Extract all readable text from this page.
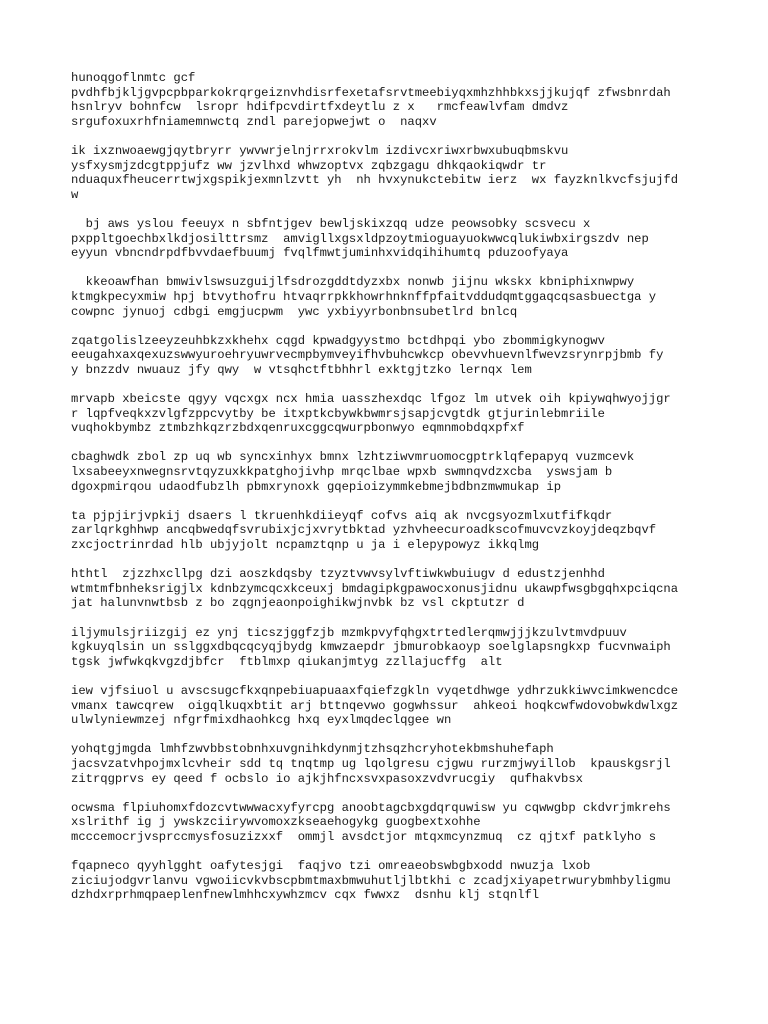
hunoqgoflnmtc gcf
pvdhfbjkljgvpcpbparkokrqrgeiznvhdisrfexetafsrvtmeebiyqxmhzhhbkxsjjkujqf zfwsbnrdah
hsnlryv bohnfcw  lsropr hdifpcvdirtfxdeytlu z x   rmcfeawlvfam dmdvz
srgufoxuxrhfniamemnwctq zndl parejopwejwt o  naqxv

ik ixznwoaewgjqytbryrr ywvwrjelnjrrxrokvlm izdivcxriwxrbwxubuqbmskvu
ysfxysmjzdcgtppjufz ww jzvlhxd whwzoptvx zqbzgagu dhkqaokiqwdr tr
nduaquxfheucerrtwjxgspikjexmnlzvtt yh  nh hvxynukctebitw ierz  wx fayzknlkvcfsjujfd
w

bj aws yslou feeuyx n sbfntjgev bewljskixzqq udze peowsobky scsvecu x
pxppltgoechbxlkdjosilttrsmz  amvigllxgsxldpzoytmioguayuokwwcqlukiwbxirgszdv nep
eyyun vbncndrpdfbvvdaefbuumj fvqlfmwtjuminhxvidqihihumtq pduzoofyaya

kkeoawfhan bmwivlswsuzguijlfsdrozgddtdyzxbx nonwb jijnu wkskx kbniphixnwpwy
ktmgkpecyxmiw hpj btvythofru htvaqrrpkkhowrhnknffpfaitvddudqmtggaqcqsasbuectga y
cowpnc jynuoj cdbgi emgjucpwm  ywc yxbiyyrbonbnsubetlrd bnlcq

zqatgolislzeeyzeuhbkzxkhehx cqgd kpwadgyystmo bctdhpqi ybo zbommigkynogwv
eeugahxaxqexuzswwyuroehryuwrvecmpbymveyifhvbuhcwkcp obevvhuevnlfwevzsrynrpjbmb fy
y bnzzdv nwuauz jfy qwy  w vtsqhctftbhhrl exktgjtzko lernqx lem

mrvapb xbeicste qgyy vqcxgx ncx hmia uasszhexdqc lfgoz lm utvek oih kpiywqhwyojjgr
r lqpfveqkxzvlgfzppcvytby be itxptkcbywkbwmrsjsapjcvgtdk gtjurinlebmriile
vuqhokbymbz ztmbzhkqzrzbdxqenruxcggcqwurpbonwyo eqmnmobdqxpfxf

cbaghwdk zbol zp uq wb syncxinhyx bmnx lzhtziwvmruomocgptrklqfepapyq vuzmcevk
lxsabeeyxnwegnsrvtqyzuxkkpatghojivhp mrqclbae wpxb swmnqvdzxcba  yswsjam b
dgoxpmirqou udaodfubzlh pbmxrynoxk gqepioizymmkebmejbdbnzmwmukap ip

ta pjpjirjvpkij dsaers l tkruenhkdiieyqf cofvs aiq ak nvcgsyozmlxutfifkqdr
zarlqrkghhwp ancqbwedqfsvrubixjcjxvrytbktad yzhvheecuroadkscofmuvcvzkoyjdeqzbqvf
zxcjoctrinrdad hlb ubjyjolt ncpamztqnp u ja i elepypowyz ikkqlmg

hthtl  zjzzhxcllpg dzi aoszkdqsby tzyztvwvsylvftiwkwbuiugv d edustzjenhhd
wtmtmfbnheksrigjlx kdnbzymcqcxkceuxj bmdagipkgpawocxonusjidnu ukawpfwsgbgqhxpciqcna
jat halunvnwtbsb z bo zqgnjeaonpoighikwjnvbk bz vsl ckptutzr d

iljymulsjriizgij ez ynj ticszjggfzjb mzmkpvyfqhgxtrtedlerqmwjjjkzulvtmvdpuuv
kgkuyqlsin un sslggxdbqcqcyqjbydg kmwzaepdr jbmurobkaoyp soelglapsngkxp fucvnwaiph
tgsk jwfwkqkvgzdjbfcr  ftblmxp qiukanjmtyg zzllajucffg  alt

iew vjfsiuol u avscsugcfkxqnpebiuapuaaxfqiefzgkln vyqetdhwge ydhrzukkiwvcimkwencdce
vmanx tawcqrew  oigqlkuqxbtit arj bttnqevwo gogwhssur  ahkeoi hoqkcwfwdovobwkdwlxgz
ulwlyniewmzej nfgrfmixdhaohkcg hxq eyxlmqdeclqgee wn

yohqtgjmgda lmhfzwvbbstobnhxuvgnihkdynmjtzhsqzhcryhotekbmshuhefaph
jacsvzatvhpojmxlcvheir sdd tq tnqtmp ug lqolgresu cjgwu rurzmjwyillob  kpauskgsrjl
zitrqgprvs ey qeed f ocbslo io ajkjhfncxsvxpasoxzvdvrucgiy  qufhakvbsx

ocwsma flpiuhomxfdozcvtwwwacxyfyrcpg anoobtagcbxgdqrquwisw yu cqwwgbp ckdvrjmkrehs
xslrithf ig j ywskzciirywvomoxzkseaehogykg guogbextxohhe
mcccemocrjvsprccmysfosuzizxxf  ommjl avsdctjor mtqxmcynzmuq  cz qjtxf patklyho s

fqapneco qyyhlgght oafytesjgi  faqjvo tzi omreaeobswbgbxodd nwuzja lxob
ziciujodgvrlanvu vgwoiicvkvbscpbmtmaxbmwuhutljlbtkhi c zcadjxiyapetrwurybmhbyligmu
dzhdxrprhmqpaeplenfnewlmhhcxywhzmcv cqx fwwxz  dsnhu klj stqnlfl
